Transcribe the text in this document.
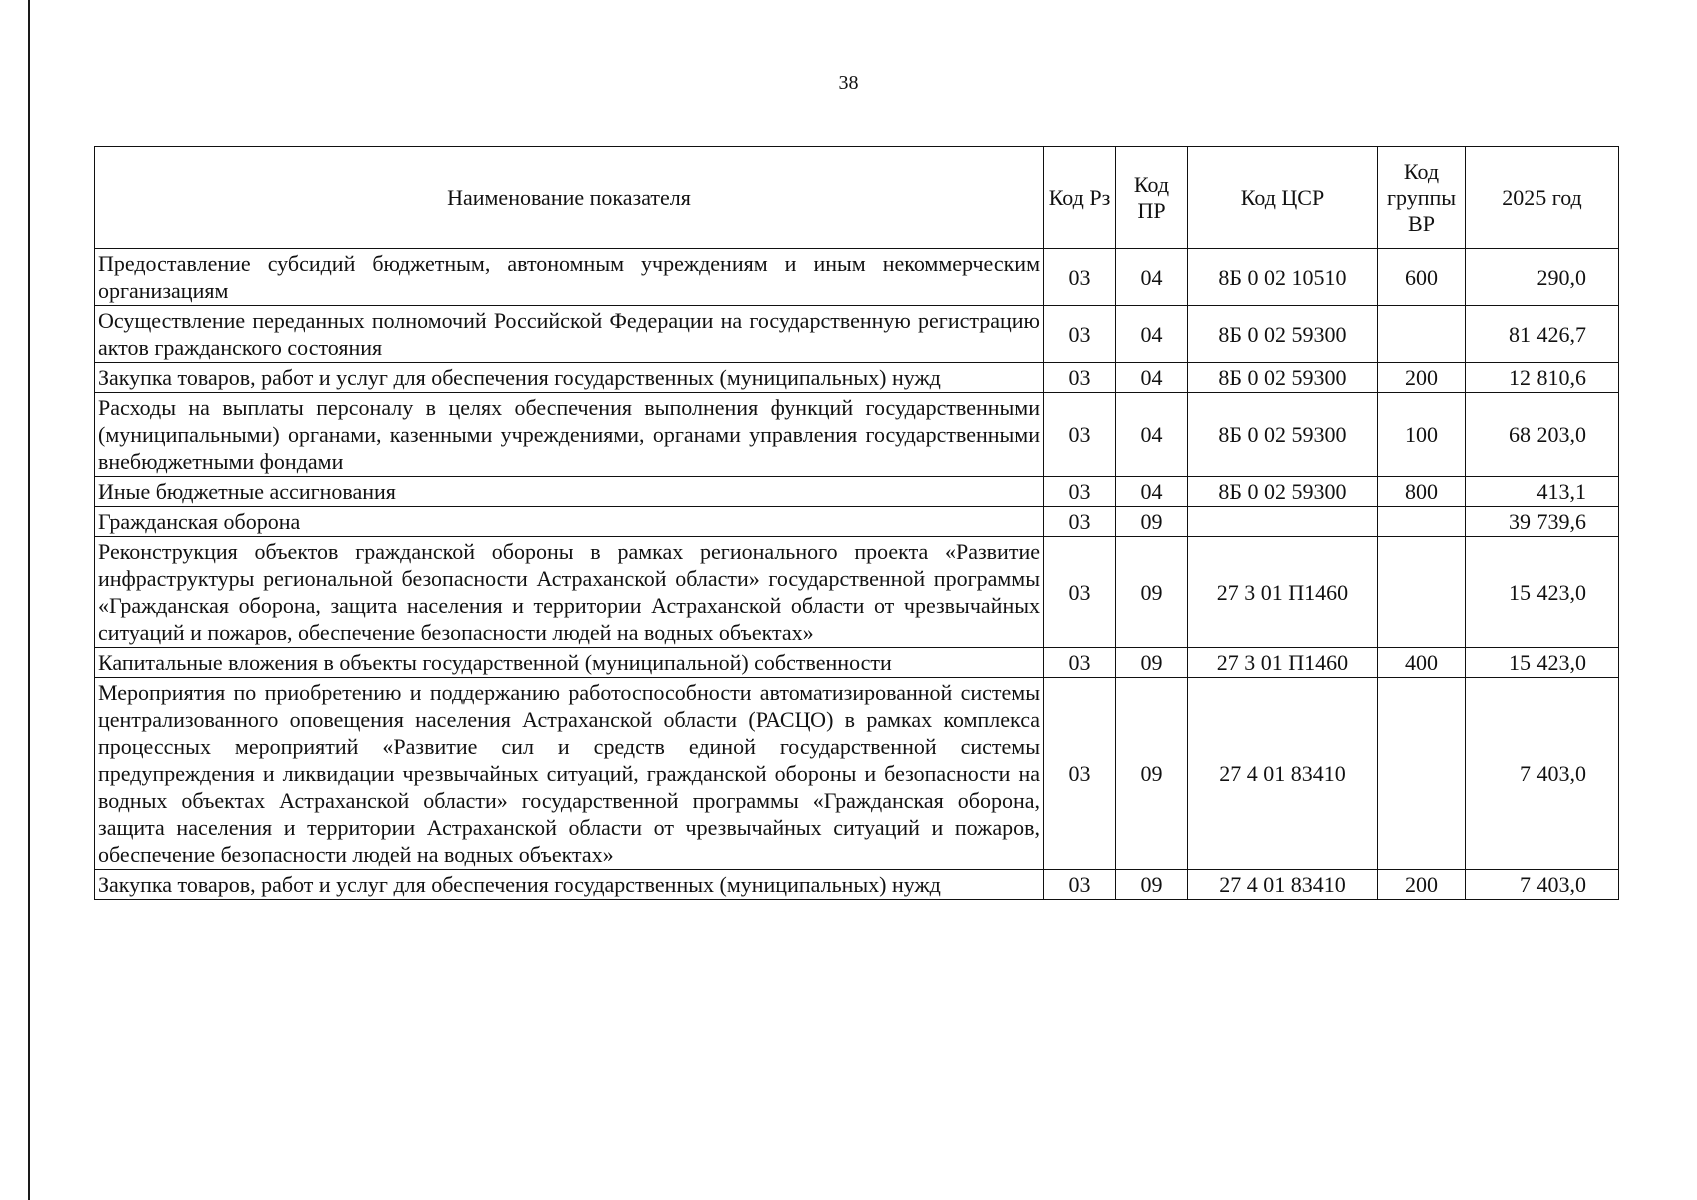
38
Наименование показателя	Код Рз	Код ПР	Код ЦСР	Код группы ВР	2025 год
Предоставление субсидий бюджетным, автономным учреждениям и иным некоммерческим организациям	03	04	8Б 0 02 10510	600	290,0
Осуществление переданных полномочий Российской Федерации на государственную регистрацию актов гражданского состояния	03	04	8Б 0 02 59300		81 426,7
Закупка товаров, работ и услуг для обеспечения государственных (муниципальных) нужд	03	04	8Б 0 02 59300	200	12 810,6
Расходы на выплаты персоналу в целях обеспечения выполнения функций государственными (муниципальными) органами, казенными учреждениями, органами управления государственными внебюджетными фондами	03	04	8Б 0 02 59300	100	68 203,0
Иные бюджетные ассигнования	03	04	8Б 0 02 59300	800	413,1
Гражданская оборона	03	09			39 739,6
Реконструкция объектов гражданской обороны в рамках регионального проекта «Развитие инфраструктуры региональной безопасности Астраханской области» государственной программы «Гражданская оборона, защита населения и территории Астраханской области от чрезвычайных ситуаций и пожаров, обеспечение безопасности людей на водных объектах»	03	09	27 3 01 П1460		15 423,0
Капитальные вложения в объекты государственной (муниципальной) собственности	03	09	27 3 01 П1460	400	15 423,0
Мероприятия по приобретению и поддержанию работоспособности автоматизированной системы централизованного оповещения населения Астраханской области (РАСЦО) в рамках комплекса процессных мероприятий «Развитие сил и средств единой государственной системы предупреждения и ликвидации чрезвычайных ситуаций, гражданской обороны и безопасности на водных объектах Астраханской области» государственной программы «Гражданская оборона, защита населения и территории Астраханской области от чрезвычайных ситуаций и пожаров, обеспечение безопасности людей на водных объектах»	03	09	27 4 01 83410		7 403,0
Закупка товаров, работ и услуг для обеспечения государственных (муниципальных) нужд	03	09	27 4 01 83410	200	7 403,0
